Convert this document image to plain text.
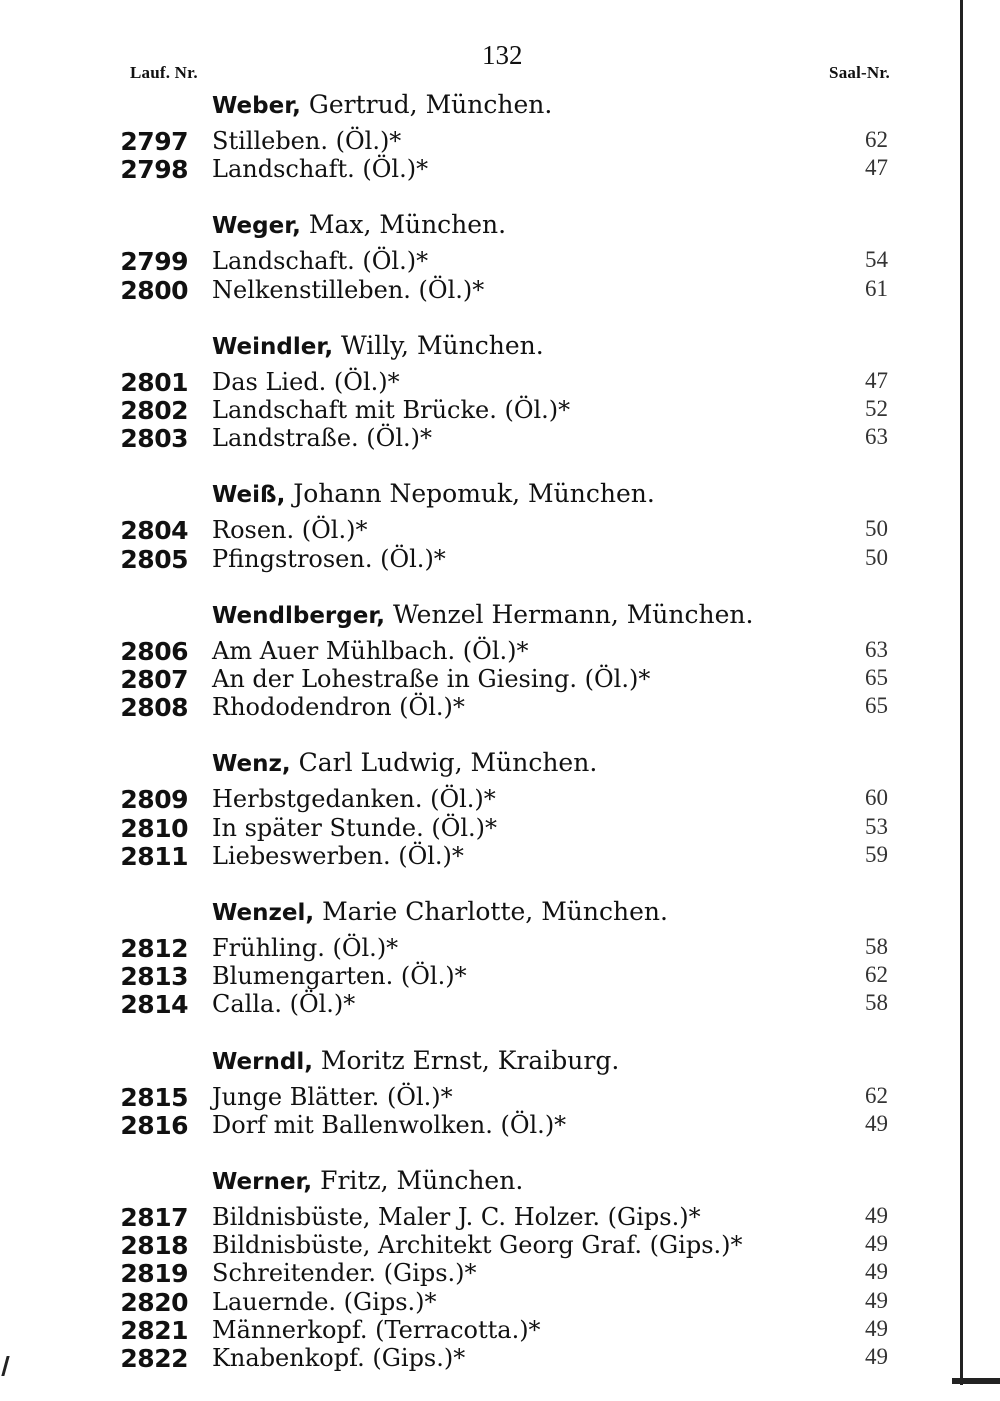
132
Lauf. Nr.	Saal-Nr.
Weber, Gertrud, München.
2797 Stilleben. (Öl.)*	62
2798 Landschaft. (Öl.)*	47
Weger, Max, München.
2799 Landschaft. (Öl.)*	54
2800 Nelkenstilleben. (Öl.)*	61
Weindler, Willy, München.
2801 Das Lied. (Öl.)*	47
2802 Landschaft mit Brücke. (Öl.)*	52
2803 Landstraße. (Öl.)*	63
Weiß, Johann Nepomuk, München.
2804 Rosen. (Öl.)*	50
2805 Pfingstrosen. (Öl.)*	50
Wendlberger, Wenzel Hermann, München.
2806 Am Auer Mühlbach. (Öl.)*	63
2807 An der Lohestraße in Giesing. (Öl.)*	65
2808 Rhododendron (Öl.)*	65
Wenz, Carl Ludwig, München.
2809 Herbstgedanken. (Öl.)*	60
2810 In später Stunde. (Öl.)*	53
2811 Liebeswerben. (Öl.)*	59
Wenzel, Marie Charlotte, München.
2812 Frühling. (Öl.)*	58
2813 Blumengarten. (Öl.)*	62
2814 Calla. (Öl.)*	58
Werndl, Moritz Ernst, Kraiburg.
2815 Junge Blätter. (Öl.)*	62
2816 Dorf mit Ballenwolken. (Öl.)*	49
Werner, Fritz, München.
2817 Bildnisbüste, Maler J. C. Holzer. (Gips.)*	49
2818 Bildnisbüste, Architekt Georg Graf. (Gips.)*	49
2819 Schreitender. (Gips.)*	49
2820 Lauernde. (Gips.)*	49
2821 Männerkopf. (Terracotta.)*	49
2822 Knabenkopf. (Gips.)*	49
